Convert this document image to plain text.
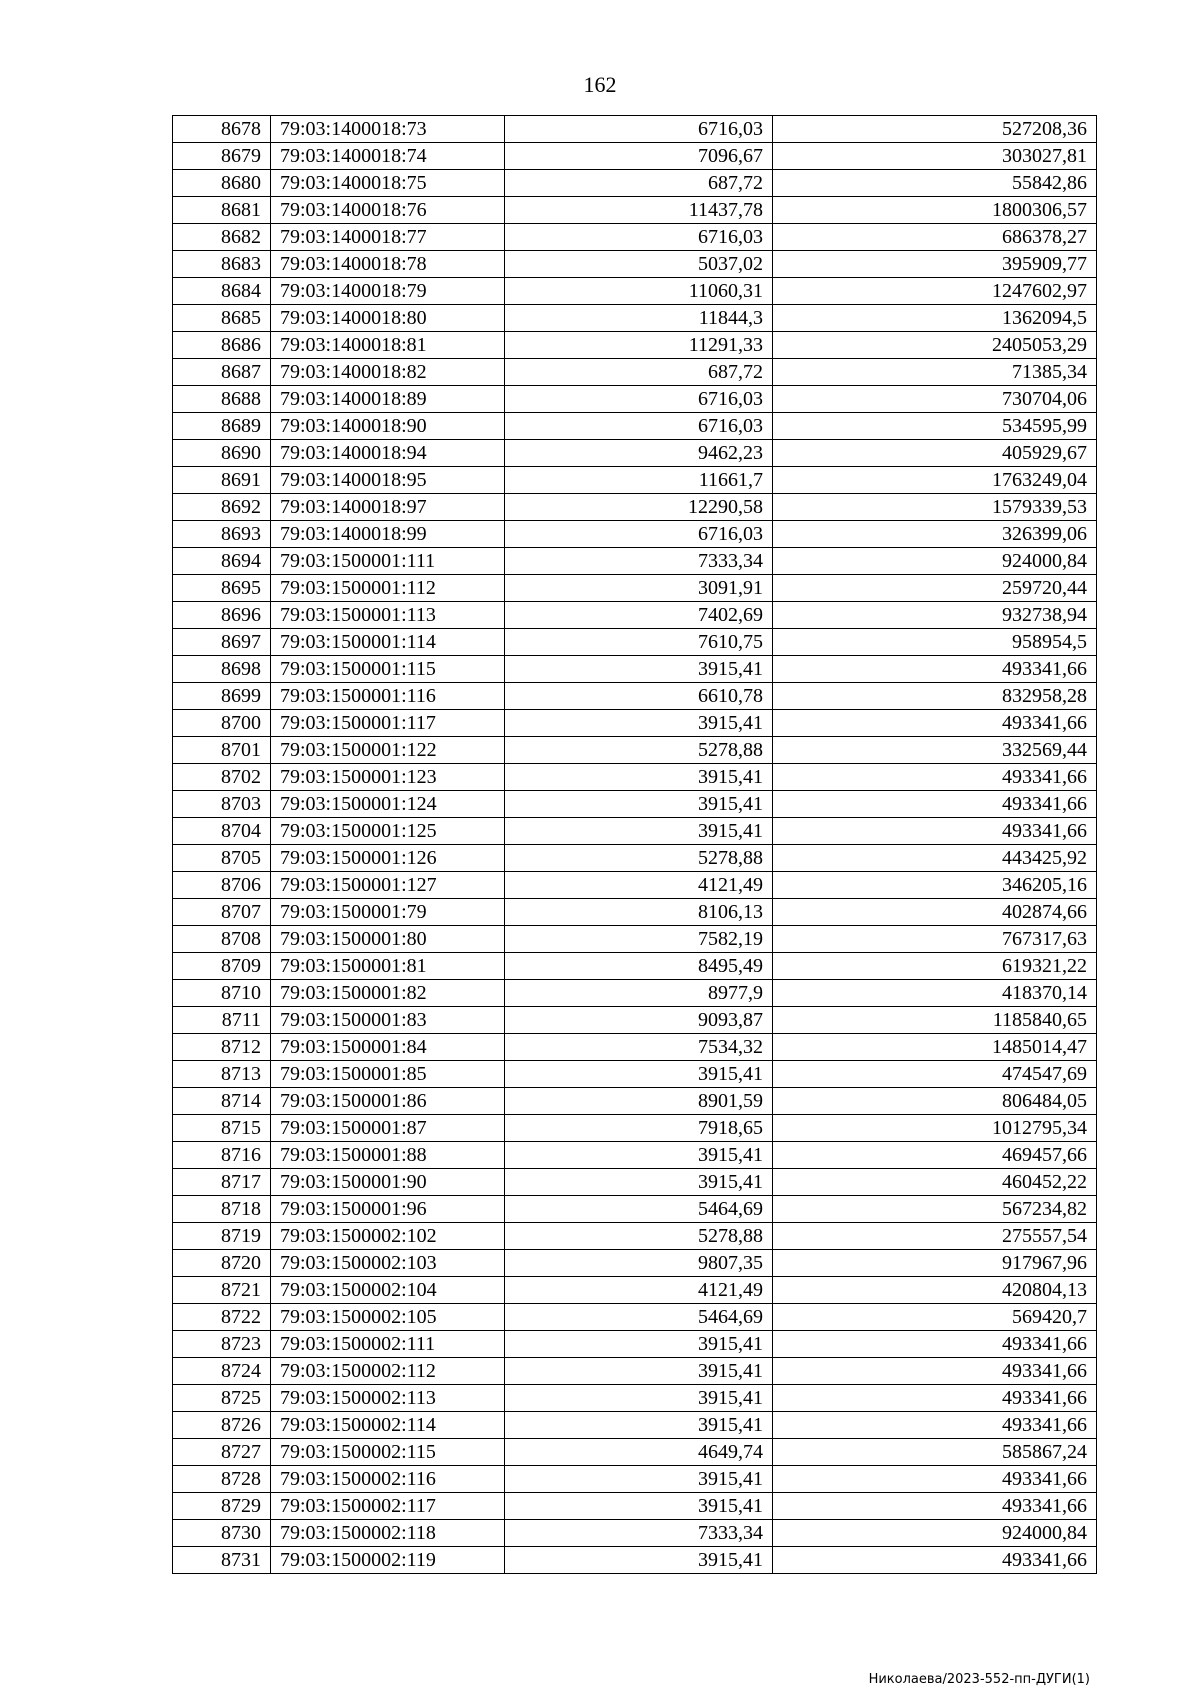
162
8678	79:03:1400018:73	6716,03	527208,36
8679	79:03:1400018:74	7096,67	303027,81
8680	79:03:1400018:75	687,72	55842,86
8681	79:03:1400018:76	11437,78	1800306,57
8682	79:03:1400018:77	6716,03	686378,27
8683	79:03:1400018:78	5037,02	395909,77
8684	79:03:1400018:79	11060,31	1247602,97
8685	79:03:1400018:80	11844,3	1362094,5
8686	79:03:1400018:81	11291,33	2405053,29
8687	79:03:1400018:82	687,72	71385,34
8688	79:03:1400018:89	6716,03	730704,06
8689	79:03:1400018:90	6716,03	534595,99
8690	79:03:1400018:94	9462,23	405929,67
8691	79:03:1400018:95	11661,7	1763249,04
8692	79:03:1400018:97	12290,58	1579339,53
8693	79:03:1400018:99	6716,03	326399,06
8694	79:03:1500001:111	7333,34	924000,84
8695	79:03:1500001:112	3091,91	259720,44
8696	79:03:1500001:113	7402,69	932738,94
8697	79:03:1500001:114	7610,75	958954,5
8698	79:03:1500001:115	3915,41	493341,66
8699	79:03:1500001:116	6610,78	832958,28
8700	79:03:1500001:117	3915,41	493341,66
8701	79:03:1500001:122	5278,88	332569,44
8702	79:03:1500001:123	3915,41	493341,66
8703	79:03:1500001:124	3915,41	493341,66
8704	79:03:1500001:125	3915,41	493341,66
8705	79:03:1500001:126	5278,88	443425,92
8706	79:03:1500001:127	4121,49	346205,16
8707	79:03:1500001:79	8106,13	402874,66
8708	79:03:1500001:80	7582,19	767317,63
8709	79:03:1500001:81	8495,49	619321,22
8710	79:03:1500001:82	8977,9	418370,14
8711	79:03:1500001:83	9093,87	1185840,65
8712	79:03:1500001:84	7534,32	1485014,47
8713	79:03:1500001:85	3915,41	474547,69
8714	79:03:1500001:86	8901,59	806484,05
8715	79:03:1500001:87	7918,65	1012795,34
8716	79:03:1500001:88	3915,41	469457,66
8717	79:03:1500001:90	3915,41	460452,22
8718	79:03:1500001:96	5464,69	567234,82
8719	79:03:1500002:102	5278,88	275557,54
8720	79:03:1500002:103	9807,35	917967,96
8721	79:03:1500002:104	4121,49	420804,13
8722	79:03:1500002:105	5464,69	569420,7
8723	79:03:1500002:111	3915,41	493341,66
8724	79:03:1500002:112	3915,41	493341,66
8725	79:03:1500002:113	3915,41	493341,66
8726	79:03:1500002:114	3915,41	493341,66
8727	79:03:1500002:115	4649,74	585867,24
8728	79:03:1500002:116	3915,41	493341,66
8729	79:03:1500002:117	3915,41	493341,66
8730	79:03:1500002:118	7333,34	924000,84
8731	79:03:1500002:119	3915,41	493341,66
Николаева/2023-552-пп-ДУГИ(1)
